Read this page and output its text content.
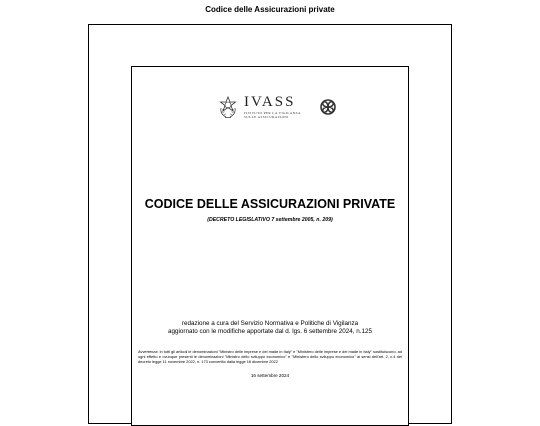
Codice delle Assicurazioni private
IVASS
ISTITUTO PER LA VIGILANZA
SULLE ASSICURAZIONI
CODICE DELLE ASSICURAZIONI PRIVATE
(DECRETO LEGISLATIVO 7 settembre 2005, n. 209)
redazione a cura del Servizio Normativa e Politiche di Vigilanza
aggiornato con le modifiche apportate dal d. lgs. 6 settembre 2024, n.125
Avvertenza: in tutti gli articoli le denominazioni "Ministro delle imprese e del made in Italy" e "Ministero delle imprese e del made in Italy" sostituiscono, ad ogni effetto e ovunque presenti le denominazioni "Ministro dello sviluppo economico" e "Ministero dello sviluppo economico" ai sensi dell'art. 2, c.4 del decreto legge 11 novembre 2022, n. 173 convertito dalla legge 16 dicembre 2022
16 settembre 2024
